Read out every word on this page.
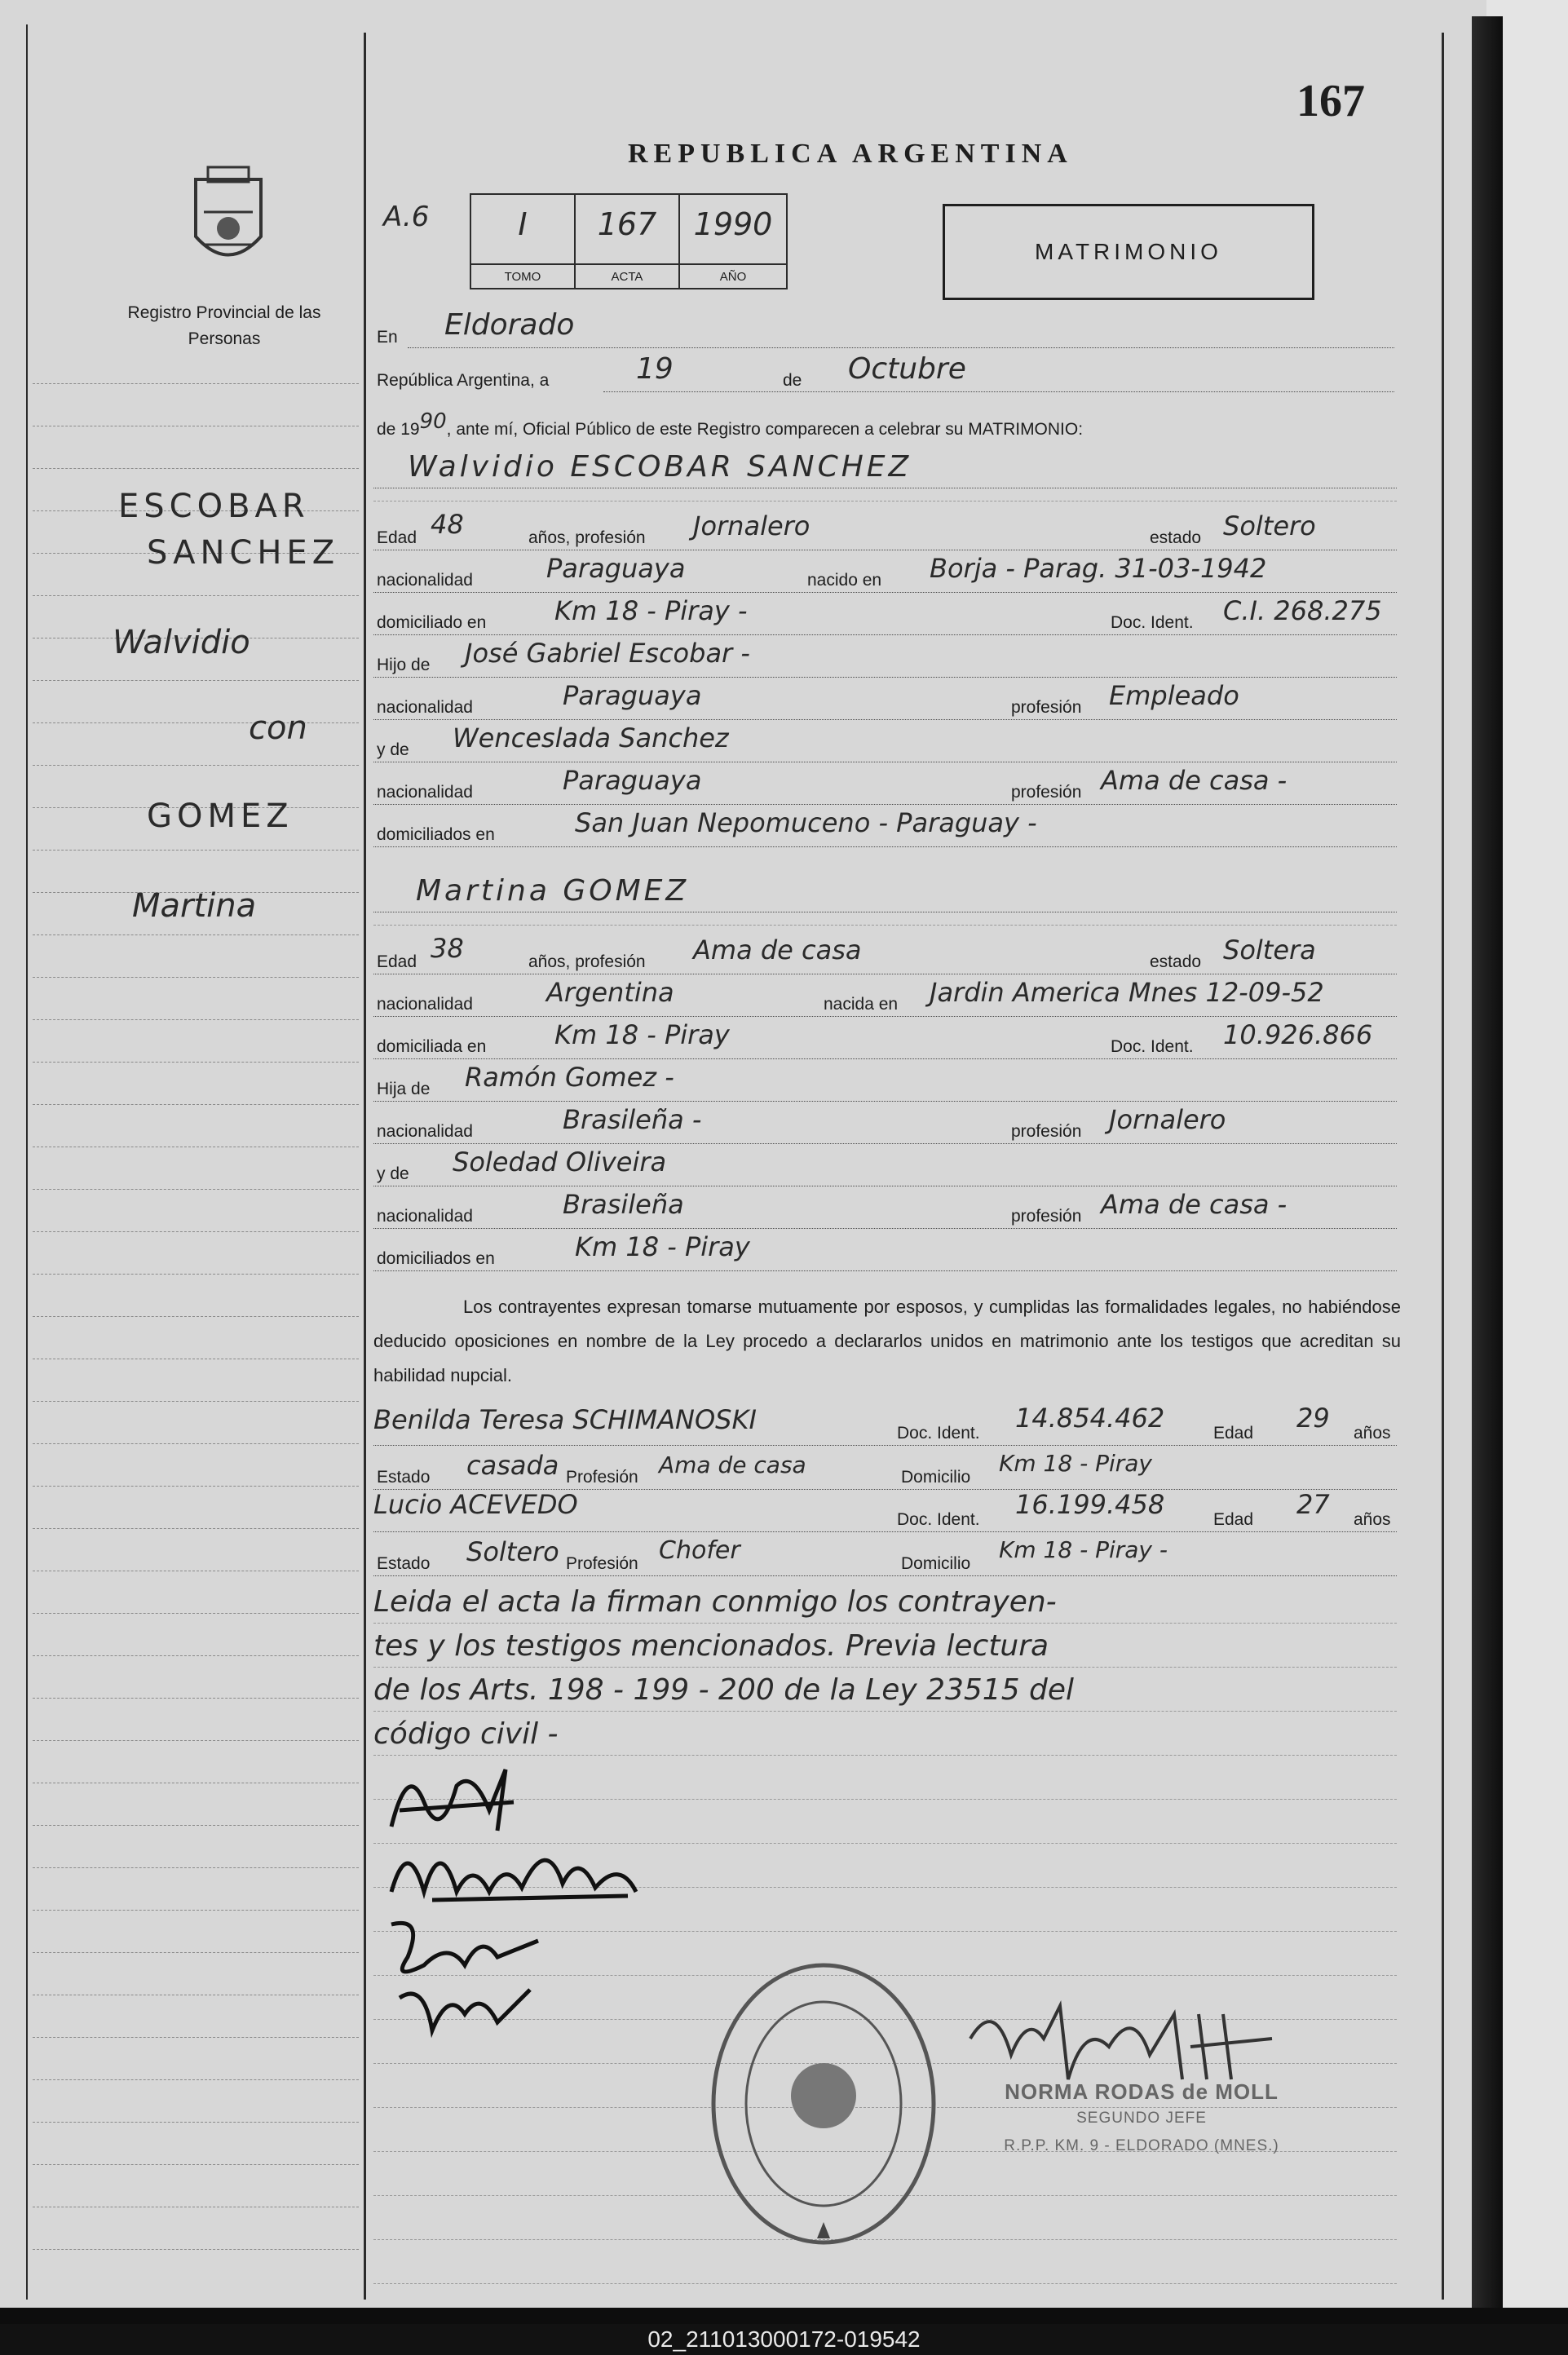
167
REPUBLICA ARGENTINA
Registro Provincial de las Personas
ESCOBAR
SANCHEZ
Walvidio
con
GOMEZ
Martina
A.6	I
TOMO
167
ACTA
1990
AÑO
MATRIMONIO
En Eldorado
República Argentina, a	19	de Octubre
de 1990, ante mí, Oficial Público de este Registro comparecen a celebrar su MATRIMONIO:
Walvidio ESCOBAR SANCHEZ
Edad 48	años, profesión Jornalero	estado Soltero
nacionalidad	Paraguaya	nacido en Borja - Parag. 31-03-1942
domiciliado en	Km 18 - Piray -	Doc. Ident. C.I. 268.275
Hijo de José Gabriel Escobar -
nacionalidad	Paraguaya	profesión Empleado
y de Wenceslada Sanchez
nacionalidad	Paraguaya	profesión Ama de casa -
domiciliados en	San Juan Nepomuceno - Paraguay -
Martina GOMEZ
Edad 38	años, profesión Ama de casa	estado Soltera
nacionalidad	Argentina	nacida en Jardin America Mnes 12-09-52
domiciliada en	Km 18 - Piray	Doc. Ident. 10.926.866
Hija de Ramón Gomez -
nacionalidad	Brasileña -	profesión Jornalero
y de Soledad Oliveira
nacionalidad	Brasileña	profesión Ama de casa -
domiciliados en	Km 18 - Piray
Los contrayentes expresan tomarse mutuamente por esposos, y cumplidas las formalidades legales, no habiéndose deducido oposiciones en nombre de la Ley procedo a declararlos unidos en matrimonio ante los testigos que acreditan su habilidad nupcial.
Benilda Teresa SCHIMANOSKI	Doc. Ident. 14.854.462	Edad 29 años
Estado casada Profesión Ama de casa	Domicilio
Km 18 - Piray
Lucio ACEVEDO	Doc. Ident. 16.199.458	Edad 27 años
Estado Soltero Profesión Chofer	Domicilio
Km 18 - Piray -
Leida el acta la firman conmigo los contrayen-
tes y los testigos mencionados. Previa lectura
de los Arts. 198 - 199 - 200 de la Ley 23515 del
código civil -
NORMA RODAS de MOLL
SEGUNDO JEFE
R.P.P. KM. 9 - ELDORADO (MNES.)
02_211013000172-019542
